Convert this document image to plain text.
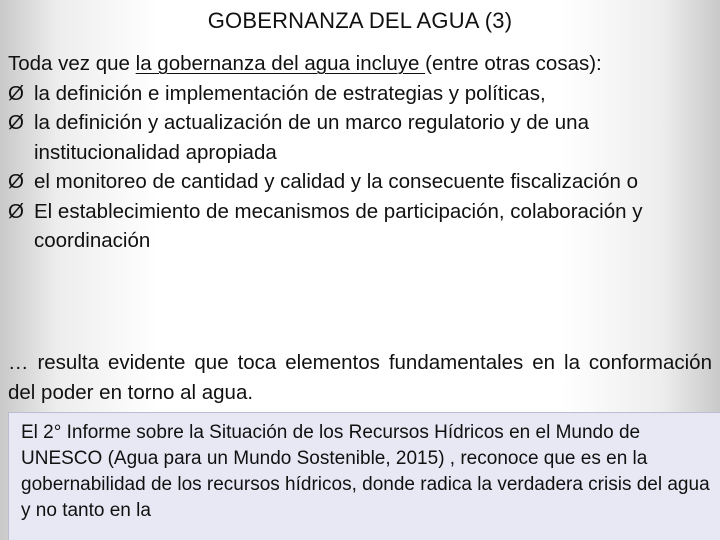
GOBERNANZA DEL AGUA (3)

Toda vez que la gobernanza del agua incluye (entre otras cosas):

Ø la definición e implementación de estrategias y políticas,
Ø la definición y actualización de un marco regulatorio y de una institucionalidad apropiada
Ø el monitoreo de cantidad y calidad y la consecuente fiscalización o
Ø El establecimiento de mecanismos de participación, colaboración y coordinación

… resulta evidente que toca elementos fundamentales en la conformación del poder en torno al agua.

El 2° Informe sobre la Situación de los Recursos Hídricos en el Mundo de UNESCO (Agua para un Mundo Sostenible, 2015) , reconoce que es en la gobernabilidad de los recursos hídricos, donde radica la verdadera crisis del agua y no tanto en la
